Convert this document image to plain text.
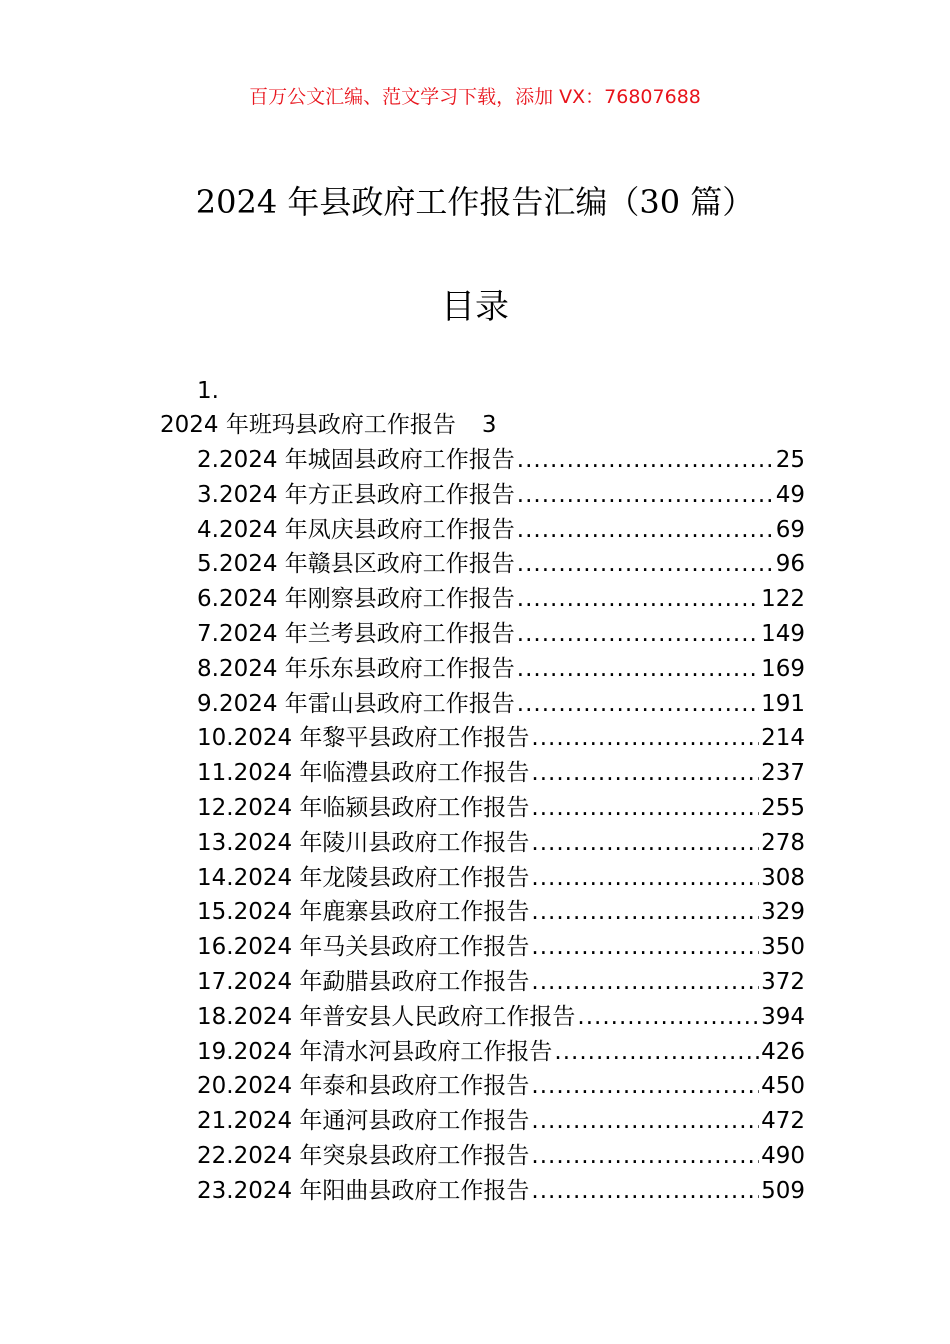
百万公文汇编、范文学习下载，添加 VX：76807688
2024 年县政府工作报告汇编（30 篇）
目录
1.
2024 年班玛县政府工作报告 3
2.2024 年城固县政府工作报告 .....	25
3.2024 年方正县政府工作报告 .....	49
4.2024 年凤庆县政府工作报告 .....	69
5.2024 年赣县区政府工作报告 .....	96
6.2024 年刚察县政府工作报告 .....	122
7.2024 年兰考县政府工作报告 .....	149
8.2024 年乐东县政府工作报告 .....	169
9.2024 年雷山县政府工作报告 .....	191
10.2024 年黎平县政府工作报告 .....	214
11.2024 年临澧县政府工作报告 .....	237
12.2024 年临颍县政府工作报告 .....	255
13.2024 年陵川县政府工作报告 .....	278
14.2024 年龙陵县政府工作报告 .....	308
15.2024 年鹿寨县政府工作报告 .....	329
16.2024 年马关县政府工作报告 .....	350
17.2024 年勐腊县政府工作报告 .....	372
18.2024 年普安县人民政府工作报告 .....	394
19.2024 年清水河县政府工作报告 .....	426
20.2024 年泰和县政府工作报告 .....	450
21.2024 年通河县政府工作报告 .....	472
22.2024 年突泉县政府工作报告 .....	490
23.2024 年阳曲县政府工作报告 .....	509
